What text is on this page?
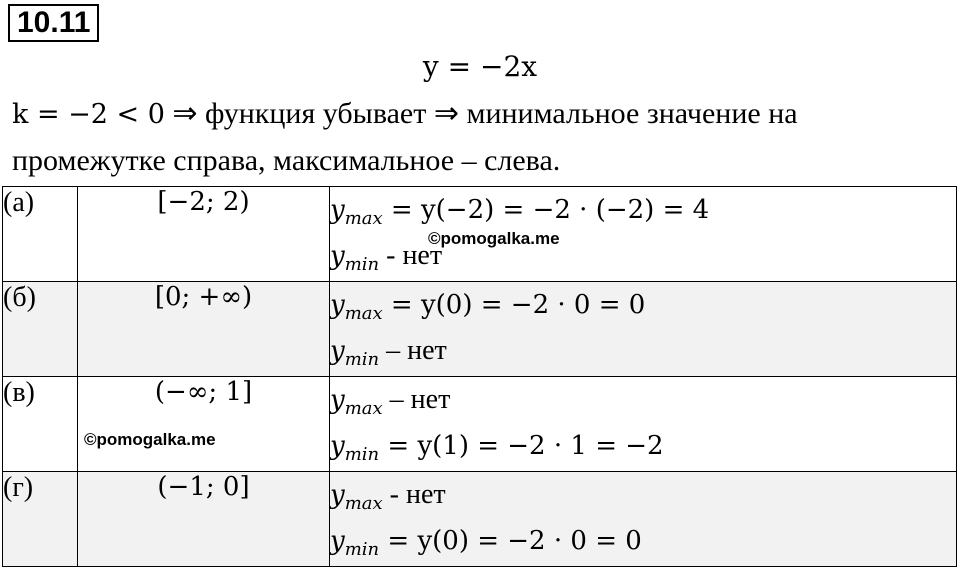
10.11
y = −2x
k = −2 < 0 ⇒ функция убывает ⇒ минимальное значение на
промежутке справа, максимальное – слева.
(а)	[−2; 2)	$y_{max} = y(-2) = -2 \cdot (-2) = 4$
$y_{min}$ - нет

(б)	[0; +∞)	$y_{max} = y(0) = -2 \cdot 0 = 0$
$y_{min}$ – нет

(в)	(−∞; 1]	$y_{max}$ – нет
$y_{min} = y(1) = -2 \cdot 1 = -2$

(г)	(−1; 0]	$y_{max}$ - нет
$y_{min} = y(0) = -2 \cdot 0 = 0$
©pomogalka.me
©pomogalka.me
